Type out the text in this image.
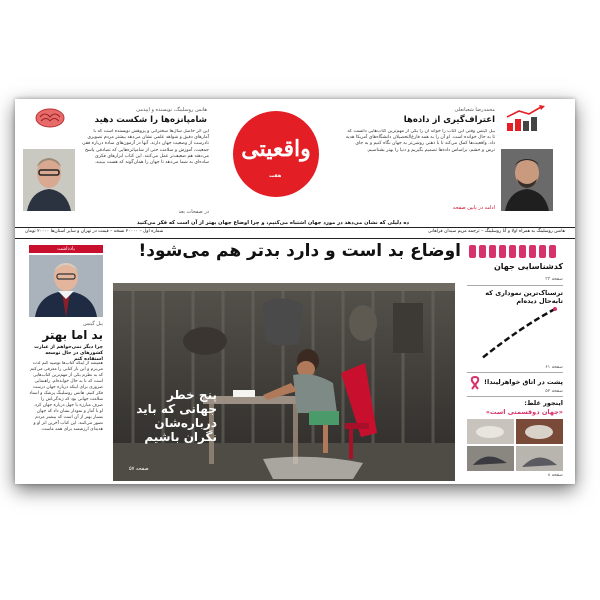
هانس روسلینگ، نویسنده و اپیدمی
شامپانزه‌ها را شکست دهید
این اثر حاصل سال‌ها سخنرانی و پژوهش نویسنده است که با آمارهای دقیق و شواهد علمی نشان می‌دهد بیشتر مردم تصویری نادرست از وضعیت جهان دارند. آنها در آزمون‌های ساده درباره فقر، جمعیت، آموزش و سلامت حتی از شامپانزه‌هایی که تصادفی پاسخ می‌دهند هم ضعیف‌تر عمل می‌کنند. این کتاب ابزارهای فکری ساده‌ای به شما می‌دهد تا جهان را همان‌گونه که هست ببینید.
در صفحات بعد
واقعیتی
هفت
محمدرضا شعبانعلی
اعتراف‌گیری از داده‌ها
بیل گیتس وقتی این کتاب را خواند آن را یکی از مهم‌ترین کتاب‌هایی دانست که تا به حال خوانده است. او آن را به همه فارغ‌التحصیلان دانشگاه‌های آمریکا هدیه داد. واقعیت‌ها کمک می‌کند تا با ذهنی روشن‌تر به جهان نگاه کنیم و به جای ترس و خشم، براساس داده‌ها تصمیم بگیریم و دنیا را بهتر بشناسیم.
ادامه در پایین صفحه
ده دلیلی که نشان می‌دهد در مورد جهان اشتباه می‌کنیم، و چرا اوضاع جهان بهتر از آن است که فکر می‌کنید
شماره اول – ۲۰۰۰۰ نسخه – قیمت در تهران و سایر استان‌ها ۲۰۰۰۰ تومان	هانس روسلینگ به همراه اولا و آنا روسلینگ – ترجمه مریم سیدان فراهانی
یادداشت
بیل گیتس
بد اما بهتر
چرا دیگر نمی‌خواهم از عبارت کشورهای در حال توسعه استفاده کنم
همیشه از اینکه کتاب‌ها توصیه کنم لذت می‌برم و این بار کتابی را معرفی می‌کنم که به نظرم یکی از مهم‌ترین کتاب‌هایی است که تا به حال خوانده‌ام. راهنمایی ضروری برای اینکه درباره جهان درست فکر کنیم. هانس روسلینگ پزشک و استاد سلامت جهانی بود که زندگی‌اش را صرف مبارزه با جهل درباره جهان کرد. او با آمار و نمودار نشان داد که جهان بسیار بهتر از آن است که بیشتر مردم تصور می‌کنند. این کتاب آخرین اثر او و هدیه‌ای ارزشمند برای همه ماست.
اوضاع بد است و دارد بدتر هم می‌شود!
پنج خطر جهانی که باید درباره‌شان نگران باشیم
صفحه ۵۷
کدشناسایی جهان
صفحه ۳۳
ترسناک‌ترین نموداری که تابه‌حال دیده‌ام
صفحه ۶۱
پشت در اتاق خواهرلیندا!
صفحه ۵۲
اینجور غلط:
«جهان دوقسمتی است»
صفحه ۸
